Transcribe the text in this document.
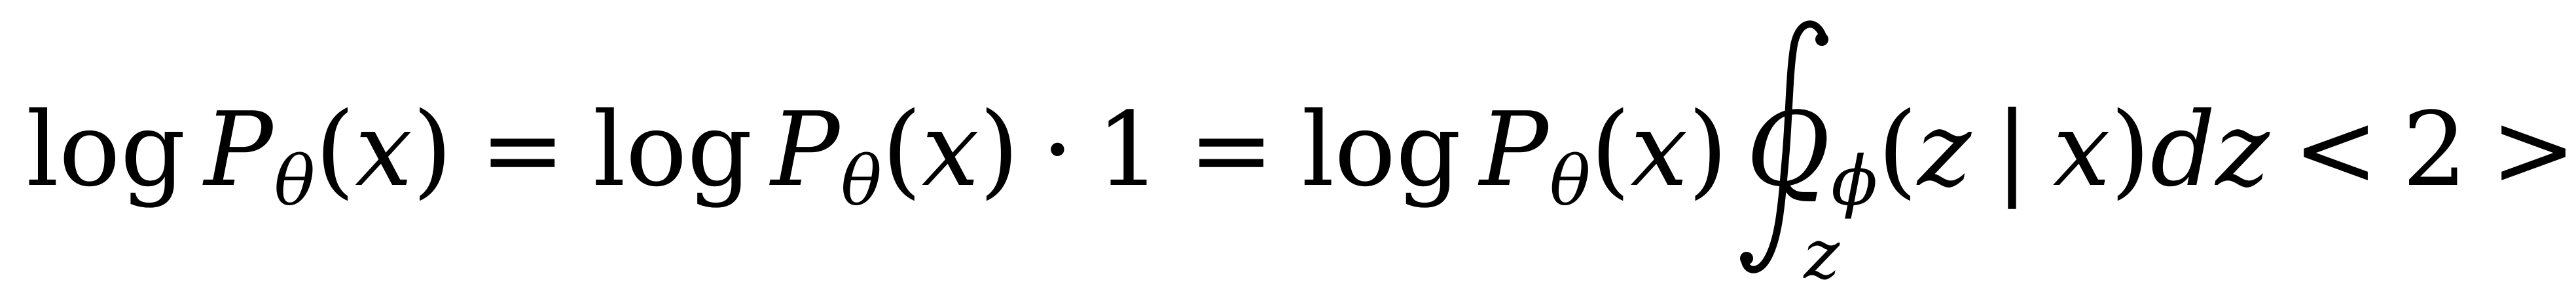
log P θ ( x ) = log P θ ( x ) · 1 = log P θ ( x )
z
Q ϕ ( z | x ) d z < 2 >
